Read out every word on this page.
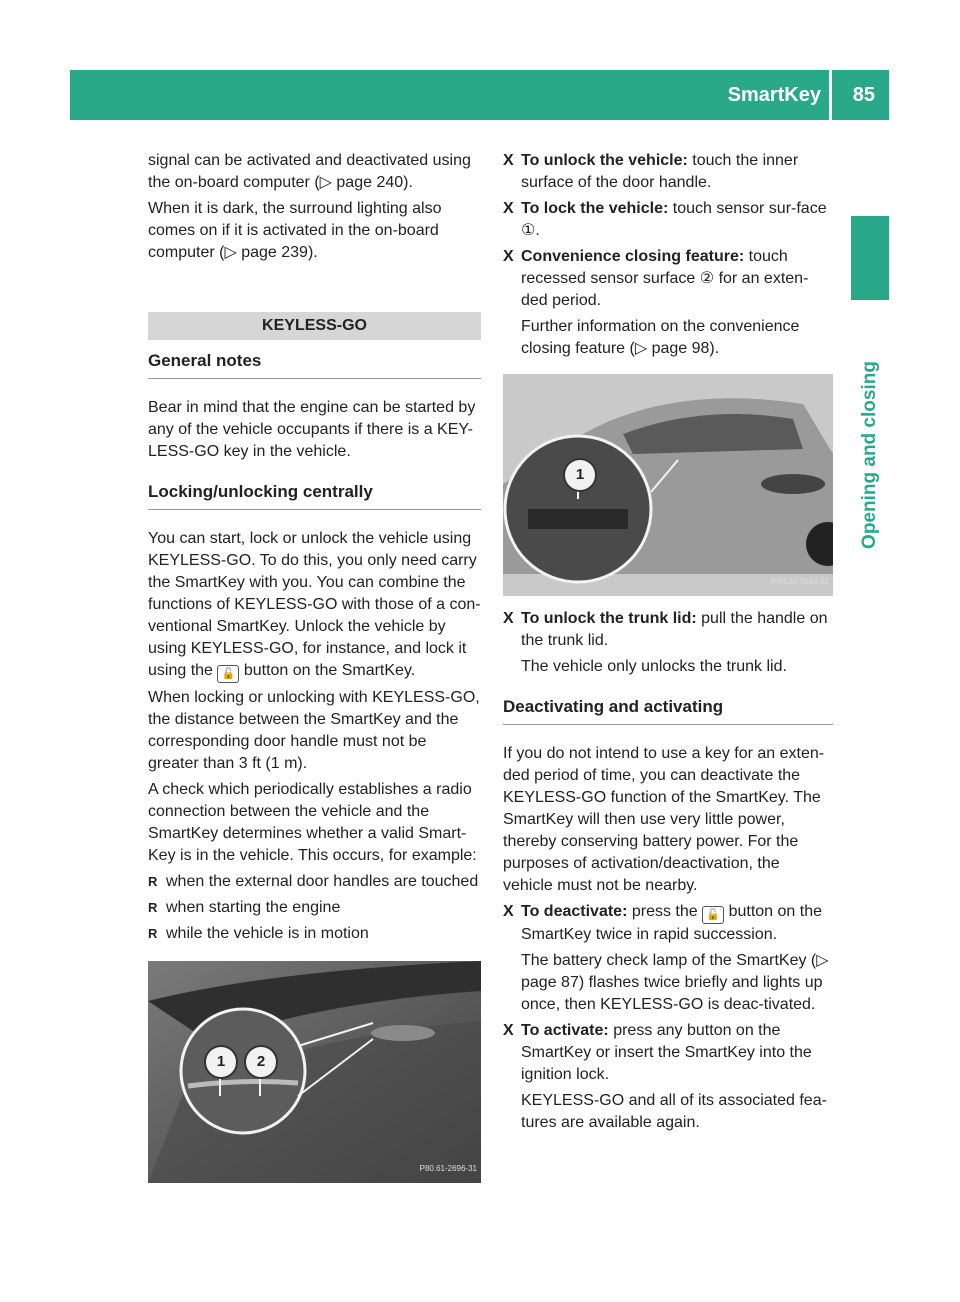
SmartKey 85
Opening and closing

signal can be activated and deactivated using the on-board computer (▷ page 240).

When it is dark, the surround lighting also comes on if it is activated in the on-board computer (▷ page 239).

KEYLESS-GO
General notes

Bear in mind that the engine can be started by any of the vehicle occupants if there is a KEY-LESS-GO key in the vehicle.

Locking/unlocking centrally

You can start, lock or unlock the vehicle using KEYLESS-GO. To do this, you only need carry the SmartKey with you. You can combine the functions of KEYLESS-GO with those of a con-ventional SmartKey. Unlock the vehicle by using KEYLESS-GO, for instance, and lock it using the 🔓 button on the SmartKey.

When locking or unlocking with KEYLESS-GO, the distance between the SmartKey and the corresponding door handle must not be greater than 3 ft (1 m).

A check which periodically establishes a radio connection between the vehicle and the SmartKey determines whether a valid Smart-Key is in the vehicle. This occurs, for example:

R when the external door handles are touched
R when starting the engine
R while the vehicle is in motion
1	2
P80.61-2696-31
X To unlock the vehicle: touch the inner surface of the door handle.
X To lock the vehicle: touch sensor sur-face ①.
X Convenience closing feature: touch recessed sensor surface ② for an exten-ded period.

Further information on the convenience closing feature (▷ page 98).

1
P80.20-3834-31
X To unlock the trunk lid: pull the handle on the trunk lid.

The vehicle only unlocks the trunk lid.

Deactivating and activating

If you do not intend to use a key for an exten-ded period of time, you can deactivate the KEYLESS-GO function of the SmartKey. The SmartKey will then use very little power, thereby conserving battery power. For the purposes of activation/deactivation, the vehicle must not be nearby.

X To deactivate: press the 🔓 button on the SmartKey twice in rapid succession.

The battery check lamp of the SmartKey (▷ page 87) flashes twice briefly and lights up once, then KEYLESS-GO is deac-tivated.

X To activate: press any button on the SmartKey or insert the SmartKey into the ignition lock.

KEYLESS-GO and all of its associated fea-tures are available again.
